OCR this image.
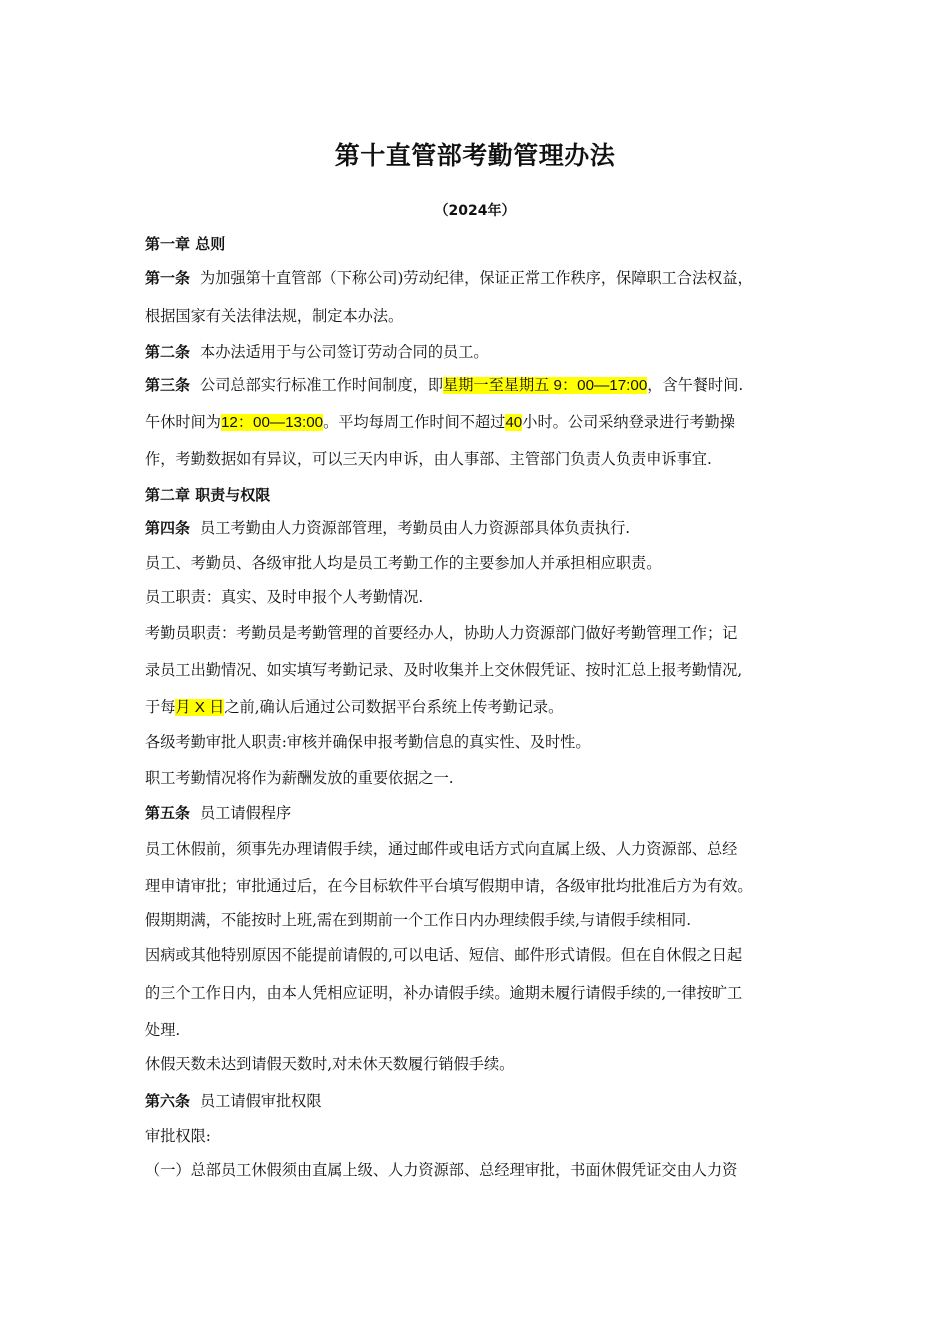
第十直管部考勤管理办法
（2024年）
第一章 总则
第一条 为加强第十直管部（下称公司)劳动纪律，保证正常工作秩序，保障职工合法权益，
根据国家有关法律法规，制定本办法。
第二条 本办法适用于与公司签订劳动合同的员工。
第三条 公司总部实行标准工作时间制度，即星期一至星期五 9：00—17:00，含午餐时间.
午休时间为12：00—13:00。平均每周工作时间不超过40小时。公司采纳登录进行考勤操
作，考勤数据如有异议，可以三天内申诉，由人事部、主管部门负责人负责申诉事宜.
第二章 职责与权限
第四条 员工考勤由人力资源部管理，考勤员由人力资源部具体负责执行.
员工、考勤员、各级审批人均是员工考勤工作的主要参加人并承担相应职责。
员工职责：真实、及时申报个人考勤情况.
考勤员职责：考勤员是考勤管理的首要经办人，协助人力资源部门做好考勤管理工作；记
录员工出勤情况、如实填写考勤记录、及时收集并上交休假凭证、按时汇总上报考勤情况,
于每月 X 日之前,确认后通过公司数据平台系统上传考勤记录。
各级考勤审批人职责:审核并确保申报考勤信息的真实性、及时性。
职工考勤情况将作为薪酬发放的重要依据之一.
第五条 员工请假程序
员工休假前，须事先办理请假手续，通过邮件或电话方式向直属上级、人力资源部、总经
理申请审批；审批通过后，在今目标软件平台填写假期申请，各级审批均批准后方为有效。
假期期满，不能按时上班,需在到期前一个工作日内办理续假手续,与请假手续相同.
因病或其他特别原因不能提前请假的,可以电话、短信、邮件形式请假。但在自休假之日起
的三个工作日内，由本人凭相应证明，补办请假手续。逾期未履行请假手续的,一律按旷工
处理.
休假天数未达到请假天数时,对未休天数履行销假手续。
第六条 员工请假审批权限
审批权限:
（一）总部员工休假须由直属上级、人力资源部、总经理审批，书面休假凭证交由人力资
